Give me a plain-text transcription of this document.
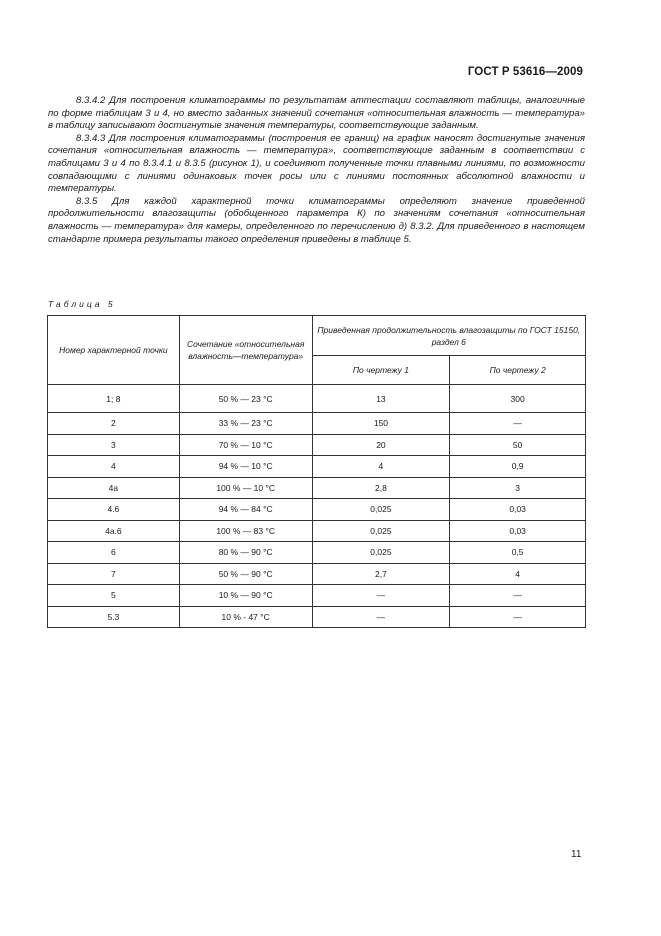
ГОСТ Р 53616—2009

8.3.4.2 Для построения климатограммы по результатам аттестации составляют таблицы, аналогичные по форме таблицам 3 и 4, но вместо заданных значений сочетания «относительная влажность — температура» в таблицу записывают достигнутые значения температуры, соответствующие заданным.

8.3.4.3 Для построения климатограммы (построения ее границ) на график наносят достигнутые значения сочетания «относительная влажность — температура», соответствующие заданным в соответствии с таблицами 3 и 4 по 8.3.4.1 и 8.3.5 (рисунок 1), и соединяют полученные точки плавными линиями, по возможности совпадающими с линиями одинаковых точек росы или с линиями постоянных абсолютной влажности и температуры.

8.3.5 Для каждой характерной точки климатограммы определяют значение приведенной продолжительности влагозащиты (обобщенного параметра К) по значениям сочетания «относительная влажность — температура» для камеры, определенного по перечислению д) 8.3.2. Для приведенного в настоящем стандарте примера результаты такого определения приведены в таблице 5.

Таблица 5
Номер характерной точки	Сочетание «относительная влажность—температура»	Приведенная продолжительность влагозащиты по ГОСТ 15150, раздел 6	
		По чертежу 1	По чертежу 2
1; 8	50 % — 23 °С	13	300
2	33 % — 23 °С	150	—
3	70 % — 10 °С	20	50
4	94 % — 10 °С	4	0,9
4а	100 % — 10 °С	2,8	3
4.6	94 % — 84 °С	0,025	0,03
4а.6	100 % — 83 °С	0,025	0,03
6	80 % — 90 °С	0,025	0,5
7	50 % — 90 °С	2,7	4
5	10 % — 90 °С	—	—
5.3	10 % - 47 °С	—	—
11
